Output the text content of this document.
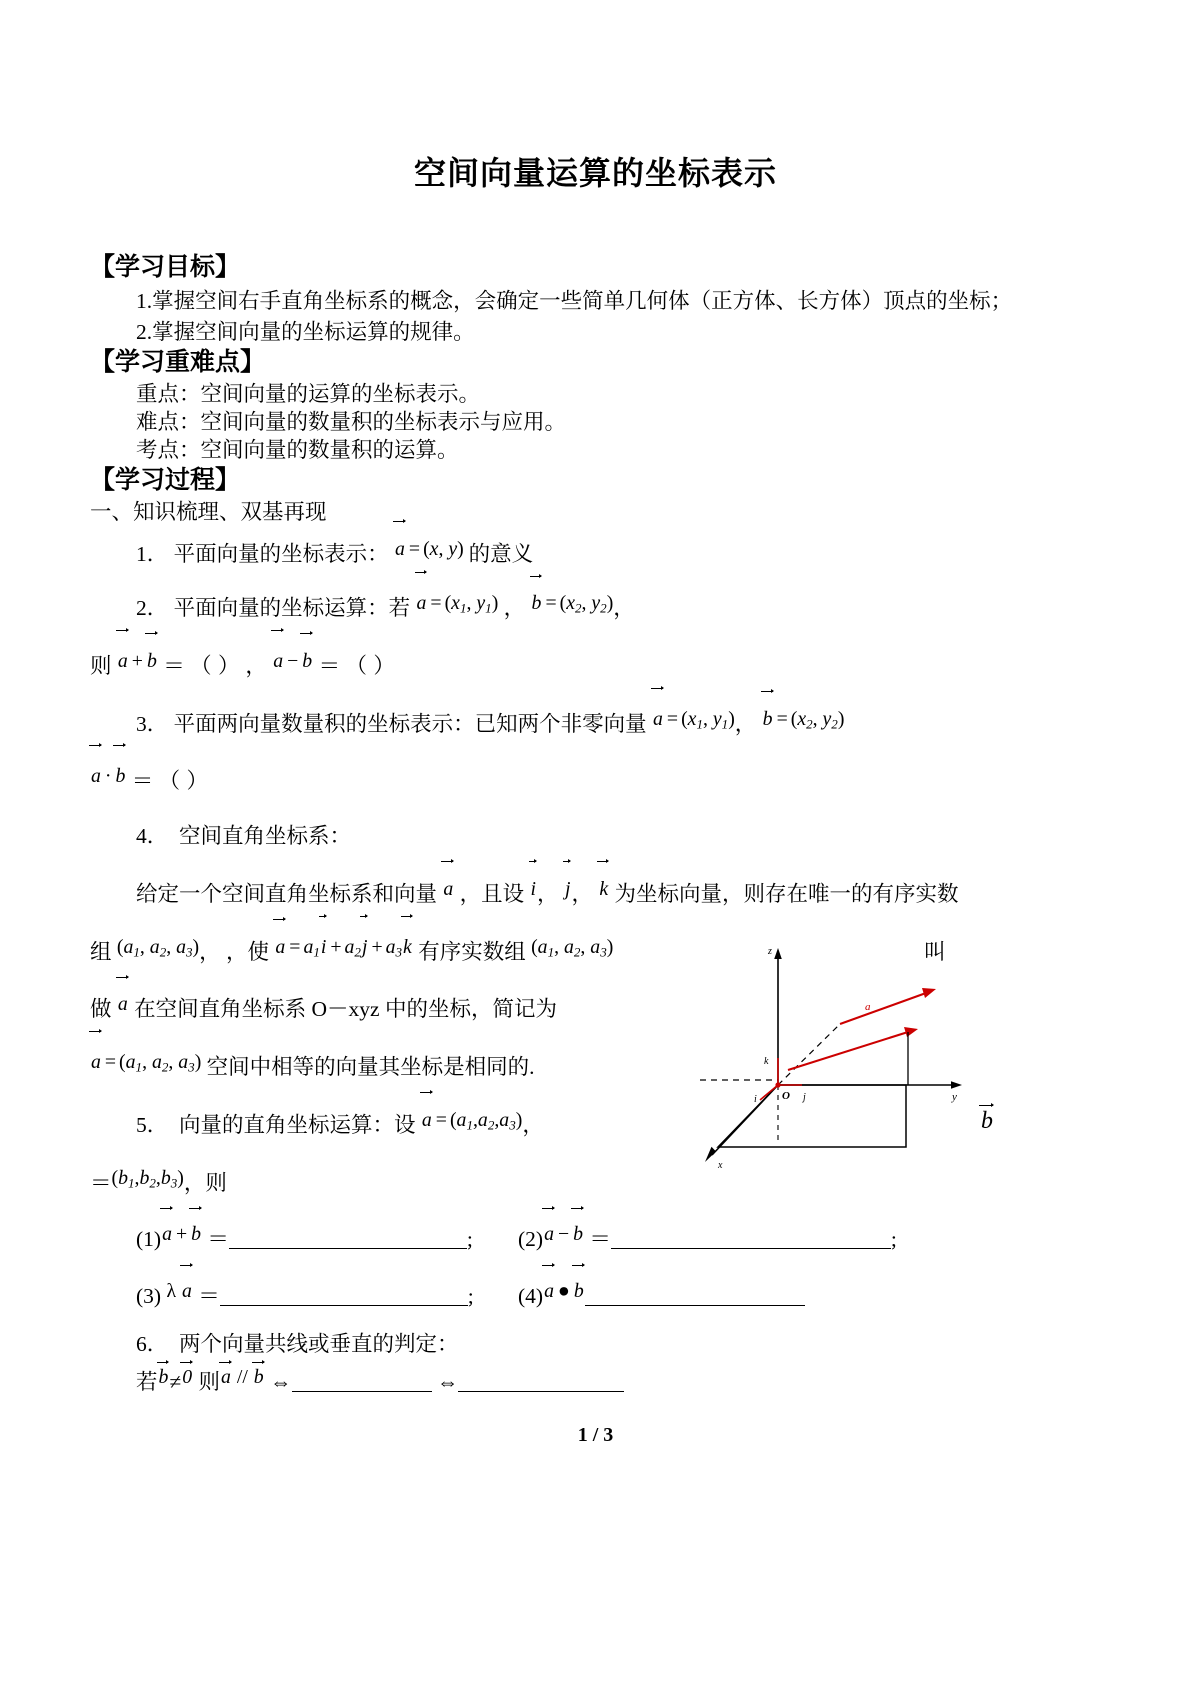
空间向量运算的坐标表示
【学习目标】

1.掌握空间右手直角坐标系的概念，会确定一些简单几何体（正方体、长方体）顶点的坐标；

2.掌握空间向量的坐标运算的规律。

【学习重难点】

重点：空间向量的运算的坐标表示。

难点：空间向量的数量积的坐标表示与应用。

考点：空间向量的数量积的运算。

【学习过程】

一、知识梳理、双基再现

1． 平面向量的坐标表示： a = (x, y) 的意义

2． 平面向量的坐标运算：若 $a = (x_1$, $y_1$) ， $b = (x_2$, $y_2$)，

则 a + b ＝ （ ） ， a − b ＝ （ ）

3． 平面两向量数量积的坐标表示：已知两个非零向量 $a = (x_1$, $y_1$)， $b = (x_2$, $y_2$)

a · b ＝ （ ）

4． 空间直角坐标系：

给定一个空间直角坐标系和向量 a ，且设 i， j， k 为坐标向量，则存在唯一的有序实数

组 ($a_1$, $a_2$, $a_3$)， ，使 $a = a_1i + a_2j + a_3k$ 有序实数组 ($a_1$, $a_2$, $a_3$)	叫

做 a 在空间直角坐标系 O－xyz 中的坐标，简记为

$a = (a_1$, $a_2$, $a_3$) 空间中相等的向量其坐标是相同的.

5． 向量的直角坐标运算：设 $a = (a_1,a_2,a_3)$，

$=(b_1,b_2,b_3)$，则

(1)a + b ＝	; (2)a − b ＝	;
(3) λ a ＝	; (4)a ● b

6． 两个向量共线或垂直的判定：

若b≠0 则a // b ⇔	⇔

z
y
x
O
k
j
i
a
b
1 / 3
